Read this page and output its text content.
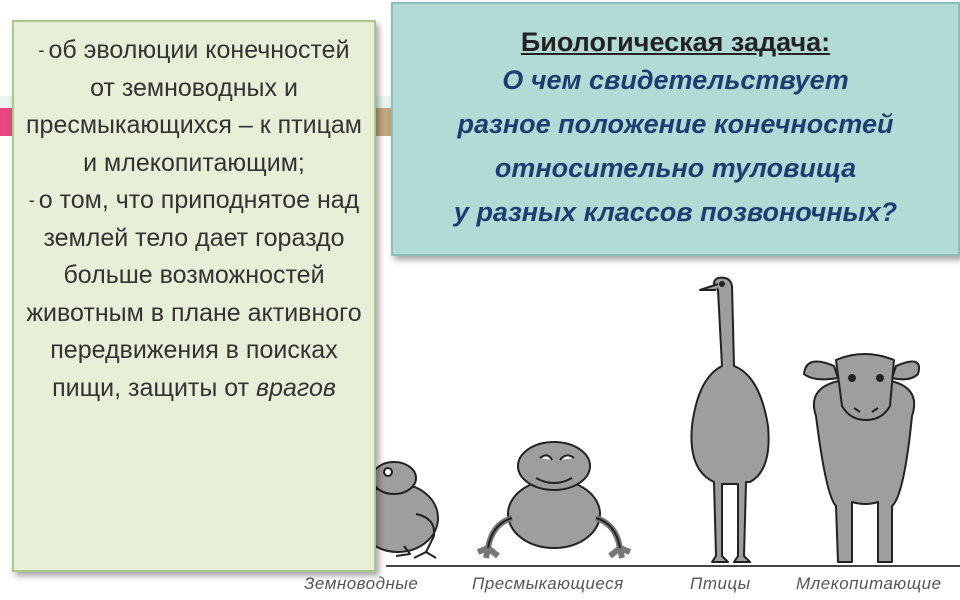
Земноводные	Пресмыкающиеся	Птицы	Млекопитающие

- об эволюции конечностей от земноводных и пресмыкающихся – к птицам и млекопитающим;

- о том, что приподнятое над землей тело дает гораздо больше возможностей животным в плане активного передвижения в поисках пищи, защиты от врагов

Биологическая задача:
О чем свидетельствует
разное положение конечностей
относительно туловища
у разных классов позвоночных?
